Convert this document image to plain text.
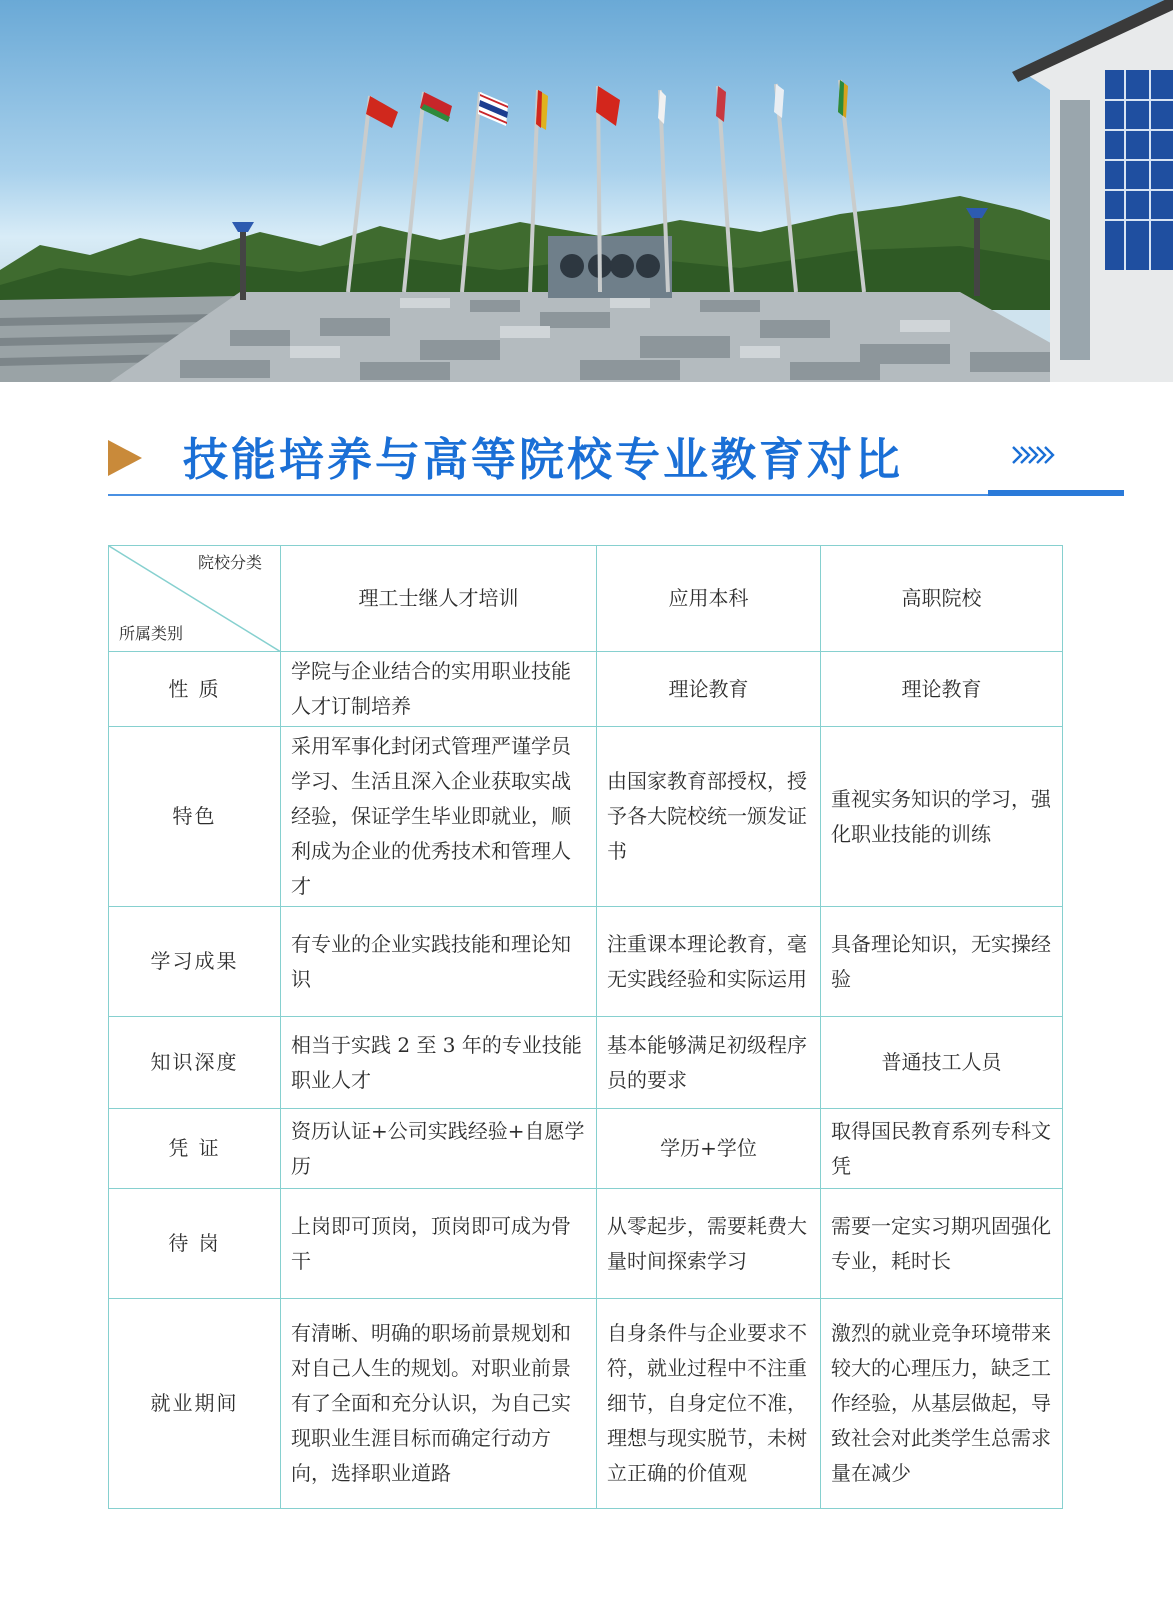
技能培养与高等院校专业教育对比
院校分类
所属类别	理工士继人才培训	应用本科	高职院校
性 质	学院与企业结合的实用职业技能人才订制培养	理论教育	理论教育
特色	采用军事化封闭式管理严谨学员学习、生活且深入企业获取实战经验，保证学生毕业即就业，顺利成为企业的优秀技术和管理人才	由国家教育部授权，授予各大院校统一颁发证书	重视实务知识的学习，强化职业技能的训练
学习成果	有专业的企业实践技能和理论知识	注重课本理论教育，毫无实践经验和实际运用	具备理论知识，无实操经验
知识深度	相当于实践 2 至 3 年的专业技能职业人才	基本能够满足初级程序员的要求	普通技工人员
凭 证	资历认证+公司实践经验+自愿学历	学历+学位	取得国民教育系列专科文凭
待 岗	上岗即可顶岗，顶岗即可成为骨干	从零起步，需要耗费大量时间探索学习	需要一定实习期巩固强化专业，耗时长
就业期间	有清晰、明确的职场前景规划和对自己人生的规划。对职业前景有了全面和充分认识，为自己实现职业生涯目标而确定行动方向，选择职业道路	自身条件与企业要求不符，就业过程中不注重细节，自身定位不准，理想与现实脱节，未树立正确的价值观	激烈的就业竞争环境带来较大的心理压力，缺乏工作经验，从基层做起，导致社会对此类学生总需求量在减少
